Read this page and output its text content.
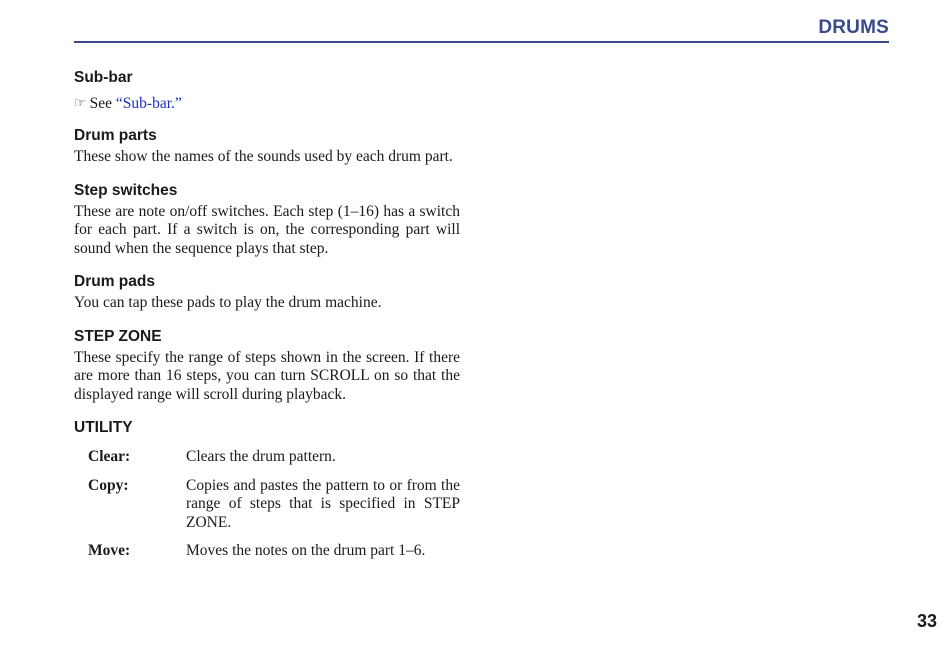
DRUMS
Sub-bar
☞ See “Sub-bar.”
Drum parts

These show the names of the sounds used by each drum part.

Step switches

These are note on/off switches. Each step (1–16) has a switch for each part. If a switch is on, the corresponding part will sound when the sequence plays that step.

Drum pads

You can tap these pads to play the drum machine.

STEP ZONE

These specify the range of steps shown in the screen. If there are more than 16 steps, you can turn SCROLL on so that the displayed range will scroll during playback.

UTILITY
Clear:	Clears the drum pattern.
Copy:	Copies and pastes the pattern to or from the range of steps that is specified in STEP ZONE.
Move:	Moves the notes on the drum part 1–6.
33
